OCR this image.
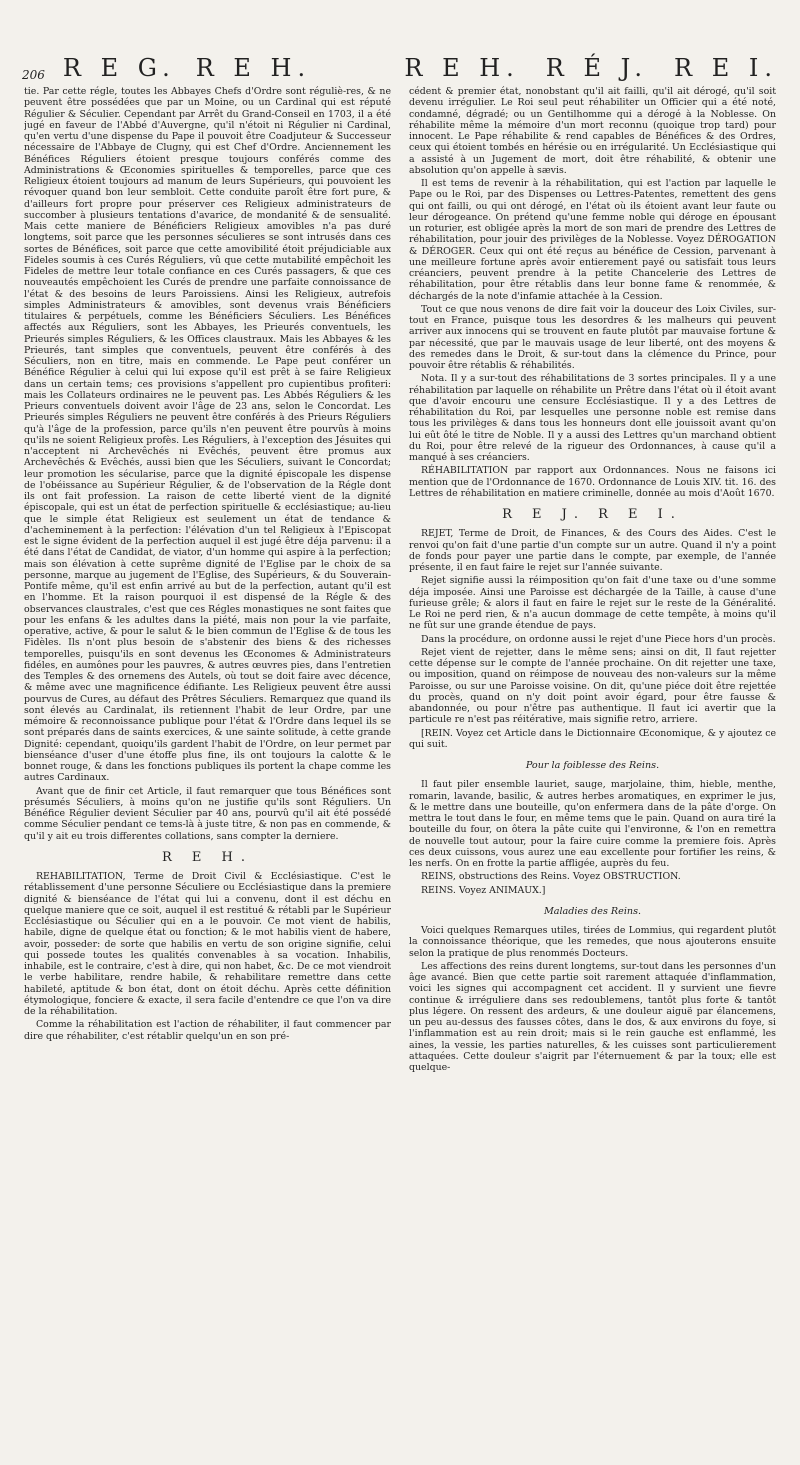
206 R E G. R E H.	R E H. R É J. R E I.

tie. Par cette régle, toutes les Abbayes Chefs d'Ordre sont réguliè-res, & ne peuvent être possédées que par un Moine, ou un Cardinal qui est réputé Régulier & Séculier. Cependant par Arrêt du Grand-Conseil en 1703, il a été jugé en faveur de l'Abbé d'Auvergne, qu'il n'étoit ni Régulier ni Cardinal, qu'en vertu d'une dispense du Pape il pouvoit être Coadjuteur & Successeur nécessaire de l'Abbaye de Clugny, qui est Chef d'Ordre. Anciennement les Bénéfices Réguliers étoient presque toujours conférés comme des Administrations & Œconomies spirituelles & temporelles, parce que ces Religieux étoient toujours ad manum de leurs Supérieurs, qui pouvoient les révoquer quand bon leur sembloit. Cette conduite paroît être fort pure, & d'ailleurs fort propre pour préserver ces Religieux administrateurs de succomber à plusieurs tentations d'avarice, de mondanité & de sensualité. Mais cette maniere de Bénéficiers Religieux amovibles n'a pas duré longtems, soit parce que les personnes séculieres se sont intrusés dans ces sortes de Bénéfices, soit parce que cette amovibilité étoit préjudiciable aux Fideles soumis à ces Curés Réguliers, vû que cette mutabilité empêchoit les Fideles de mettre leur totale confiance en ces Curés passagers, & que ces nouveautés empêchoient les Curés de prendre une parfaite connoissance de l'état & des besoins de leurs Paroissiens. Ainsi les Religieux, autrefois simples Administrateurs & amovibles, sont devenus vrais Bénéficiers titulaires & perpétuels, comme les Bénéficiers Séculiers. Les Bénéfices affectés aux Réguliers, sont les Abbayes, les Prieurés conventuels, les Prieurés simples Réguliers, & les Offices claustraux. Mais les Abbayes & les Prieurés, tant simples que conventuels, peuvent être conférés à des Séculiers, non en titre, mais en commende. Le Pape peut conférer un Bénéfice Régulier à celui qui lui expose qu'il est prêt à se faire Religieux dans un certain tems; ces provisions s'appellent pro cupientibus profiteri: mais les Collateurs ordinaires ne le peuvent pas. Les Abbés Réguliers & les Prieurs conventuels doivent avoir l'âge de 23 ans, selon le Concordat. Les Prieurés simples Réguliers ne peuvent être conférés à des Prieurs Réguliers qu'à l'âge de la profession, parce qu'ils n'en peuvent être pourvûs à moins qu'ils ne soient Religieux profès. Les Réguliers, à l'exception des Jésuites qui n'acceptent ni Archevêchés ni Evêchés, peuvent être promus aux Archevêchés & Evêchés, aussi bien que les Séculiers, suivant le Concordat; leur promotion les sécularise, parce que la dignité épiscopale les dispense de l'obéissance au Supérieur Régulier, & de l'observation de la Régle dont ils ont fait profession. La raison de cette liberté vient de la dignité épiscopale, qui est un état de perfection spirituelle & ecclésiastique; au-lieu que le simple état Religieux est seulement un état de tendance & d'acheminement à la perfection: l'élévation d'un tel Religieux à l'Episcopat est le signe évident de la perfection auquel il est jugé être déja parvenu: il a été dans l'état de Candidat, de viator, d'un homme qui aspire à la perfection; mais son élévation à cette suprême dignité de l'Eglise par le choix de sa personne, marque au jugement de l'Eglise, des Supérieurs, & du Souverain-Pontife même, qu'il est enfin arrivé au but de la perfection, autant qu'il est en l'homme. Et la raison pourquoi il est dispensé de la Régle & des observances claustrales, c'est que ces Régles monastiques ne sont faites que pour les enfans & les adultes dans la piété, mais non pour la vie parfaite, operative, active, & pour le salut & le bien commun de l'Eglise & de tous les Fidèles. Ils n'ont plus besoin de s'abstenir des biens & des richesses temporelles, puisqu'ils en sont devenus les Œconomes & Administrateurs fidéles, en aumônes pour les pauvres, & autres œuvres pies, dans l'entretien des Temples & des ornemens des Autels, où tout se doit faire avec décence, & même avec une magnificence édifiante. Les Religieux peuvent être aussi pourvus de Cures, au défaut des Prêtres Séculiers. Remarquez que quand ils sont élevés au Cardinalat, ils retiennent l'habit de leur Ordre, par une mémoire & reconnoissance publique pour l'état & l'Ordre dans lequel ils se sont préparés dans de saints exercices, & une sainte solitude, à cette grande Dignité: cependant, quoiqu'ils gardent l'habit de l'Ordre, on leur permet par bienséance d'user d'une étoffe plus fine, ils ont toujours la calotte & le bonnet rouge, & dans les fonctions publiques ils portent la chape comme les autres Cardinaux.

Avant que de finir cet Article, il faut remarquer que tous Bénéfices sont présumés Séculiers, à moins qu'on ne justifie qu'ils sont Réguliers. Un Bénéfice Régulier devient Séculier par 40 ans, pourvû qu'il ait été possédé comme Séculier pendant ce tems-là à juste titre, & non pas en commende, & qu'il y ait eu trois differentes collations, sans compter la derniere.

R E H.

REHABILITATION, Terme de Droit Civil & Ecclésiastique. C'est le rétablissement d'une personne Séculiere ou Ecclésiastique dans la premiere dignité & bienséance de l'état qui lui a convenu, dont il est déchu en quelque maniere que ce soit, auquel il est restitué & rétabli par le Supérieur Ecclésiastique ou Séculier qui en a le pouvoir. Ce mot vient de habilis, habile, digne de quelque état ou fonction; & le mot habilis vient de habere, avoir, posseder: de sorte que habilis en vertu de son origine signifie, celui qui possede toutes les qualités convenables à sa vocation. Inhabilis, inhabile, est le contraire, c'est à dire, qui non habet, &c. De ce mot viendroit le verbe habilitare, rendre habile, & rehabilitare remettre dans cette habileté, aptitude & bon état, dont on étoit déchu. Après cette définition étymologique, fonciere & exacte, il sera facile d'entendre ce que l'on va dire de la réhabilitation.

Comme la réhabilitation est l'action de réhabiliter, il faut commencer par dire que réhabiliter, c'est rétablir quelqu'un en son pré-

cédent & premier état, nonobstant qu'il ait failli, qu'il ait dérogé, qu'il soit devenu irrégulier. Le Roi seul peut réhabiliter un Officier qui a été noté, condamné, dégradé; ou un Gentilhomme qui a dérogé à la Noblesse. On réhabilite même la mémoire d'un mort reconnu (quoique trop tard) pour innocent. Le Pape réhabilite & rend capables de Bénéfices & des Ordres, ceux qui étoient tombés en hérésie ou en irrégularité. Un Ecclésiastique qui a assisté à un Jugement de mort, doit être réhabilité, & obtenir une absolution qu'on appelle à sævis.

Il est tems de revenir à la réhabilitation, qui est l'action par laquelle le Pape ou le Roi, par des Dispenses ou Lettres-Patentes, remettent des gens qui ont failli, ou qui ont dérogé, en l'état où ils étoient avant leur faute ou leur dérogeance. On prétend qu'une femme noble qui déroge en épousant un roturier, est obligée après la mort de son mari de prendre des Lettres de réhabilitation, pour jouir des privilèges de la Noblesse. Voyez DÉROGATION & DÉROGER. Ceux qui ont été reçus au bénéfice de Cession, parvenant à une meilleure fortune après avoir entierement payé ou satisfait tous leurs créanciers, peuvent prendre à la petite Chancelerie des Lettres de réhabilitation, pour être rétablis dans leur bonne fame & renommée, & déchargés de la note d'infamie attachée à la Cession.

Tout ce que nous venons de dire fait voir la douceur des Loix Civiles, sur-tout en France, puisque tous les desordres & les malheurs qui peuvent arriver aux innocens qui se trouvent en faute plutôt par mauvaise fortune & par nécessité, que par le mauvais usage de leur liberté, ont des moyens & des remedes dans le Droit, & sur-tout dans la clémence du Prince, pour pouvoir être rétablis & réhabilités.

Nota. Il y a sur-tout des réhabilitations de 3 sortes principales. Il y a une réhabilitation par laquelle on réhabilite un Prêtre dans l'état où il étoit avant que d'avoir encouru une censure Ecclésiastique. Il y a des Lettres de réhabilitation du Roi, par lesquelles une personne noble est remise dans tous les privilèges & dans tous les honneurs dont elle jouissoit avant qu'on lui eût ôté le titre de Noble. Il y a aussi des Lettres qu'un marchand obtient du Roi, pour être relevé de la rigueur des Ordonnances, à cause qu'il a manqué à ses créanciers.

RÉHABILITATION par rapport aux Ordonnances. Nous ne faisons ici mention que de l'Ordonnance de 1670. Ordonnance de Louis XIV. tit. 16. des Lettres de réhabilitation en matiere criminelle, donnée au mois d'Août 1670.

R E J. R E I.

REJET, Terme de Droit, de Finances, & des Cours des Aides. C'est le renvoi qu'on fait d'une partie d'un compte sur un autre. Quand il n'y a point de fonds pour payer une partie dans le compte, par exemple, de l'année présente, il en faut faire le rejet sur l'année suivante.

Rejet signifie aussi la réimposition qu'on fait d'une taxe ou d'une somme déja imposée. Ainsi une Paroisse est déchargée de la Taille, à cause d'une furieuse grêle; & alors il faut en faire le rejet sur le reste de la Généralité. Le Roi ne perd rien, & n'a aucun dommage de cette tempête, à moins qu'il ne fût sur une grande étendue de pays.

Dans la procédure, on ordonne aussi le rejet d'une Piece hors d'un procès.

Rejet vient de rejetter, dans le même sens; ainsi on dit, Il faut rejetter cette dépense sur le compte de l'année prochaine. On dit rejetter une taxe, ou imposition, quand on réimpose de nouveau des non-valeurs sur la même Paroisse, ou sur une Paroisse voisine. On dit, qu'une piéce doit être rejettée du procès, quand on n'y doit point avoir égard, pour être fausse & abandonnée, ou pour n'être pas authentique. Il faut ici avertir que la particule re n'est pas réitérative, mais signifie retro, arriere.

[REIN. Voyez cet Article dans le Dictionnaire Œconomique, & y ajoutez ce qui suit.

Pour la foiblesse des Reins.

Il faut piler ensemble lauriet, sauge, marjolaine, thim, hieble, menthe, romarin, lavande, basilic, & autres herbes aromatiques, en exprimer le jus, & le mettre dans une bouteille, qu'on enfermera dans de la pâte d'orge. On mettra le tout dans le four, en même tems que le pain. Quand on aura tiré la bouteille du four, on ôtera la pâte cuite qui l'environne, & l'on en remettra de nouvelle tout autour, pour la faire cuire comme la premiere fois. Après ces deux cuissons, vous aurez une eau excellente pour fortifier les reins, & les nerfs. On en frotte la partie affligée, auprès du feu.

REINS, obstructions des Reins. Voyez OBSTRUCTION.

REINS. Voyez ANIMAUX.]

Maladies des Reins.

Voici quelques Remarques utiles, tirées de Lommius, qui regardent plutôt la connoissance théorique, que les remedes, que nous ajouterons ensuite selon la pratique de plus renommés Docteurs.

Les affections des reins durent longtems, sur-tout dans les personnes d'un âge avancé. Bien que cette partie soit rarement attaquée d'inflammation, voici les signes qui accompagnent cet accident. Il y survient une fievre continue & irréguliere dans ses redoublemens, tantôt plus forte & tantôt plus légere. On ressent des ardeurs, & une douleur aiguë par élancemens, un peu au-dessus des fausses côtes, dans le dos, & aux environs du foye, si l'inflammation est au rein droit; mais si le rein gauche est enflammé, les aines, la vessie, les parties naturelles, & les cuisses sont particulierement attaquées. Cette douleur s'aigrit par l'éternuement & par la toux; elle est quelque-
